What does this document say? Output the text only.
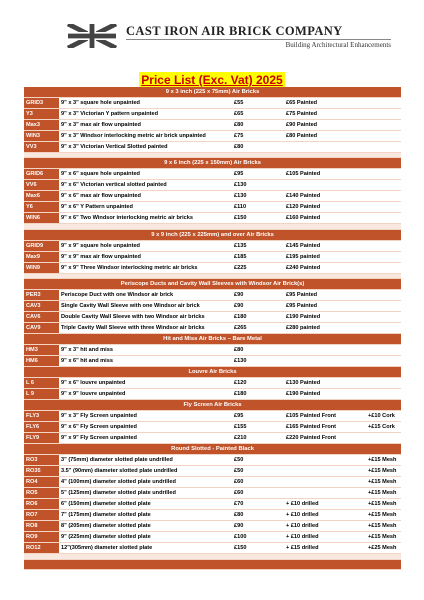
CAST IRON AIR BRICK COMPANY
Building Architectural Enhancements
Price List (Exc. Vat) 2025
9 x 3 inch (225 x 75mm) Air Bricks				
GRID3	9" x 3" square hole unpainted	£55	£65 Painted	
Y3	9" x 3" Victorian Y pattern unpainted	£65	£75 Painted	
Max3	9" x 3" max air flow unpainted	£80	£90 Painted	
WIN3	9" x 3" Windsor interlocking metric air brick unpainted	£75	£80 Painted	
VV3	9" x 3" Victorian Vertical Slotted painted	£80		

9 x 6 inch (225 x 150mm) Air Bricks				
GRID6	9" x 6" square hole unpainted	£95	£105 Painted	
VV6	9" x 6" Victorian vertical slotted painted	£130		
Max6	9" x 6" max air flow unpainted	£130	£140 Painted	
Y6	9" x 6" Y Pattern unpainted	£110	£120 Painted	
WIN6	9" x 6" Two Windsor interlocking metric air bricks	£150	£160 Painted	

9 x 9 inch (225 x 225mm) and over Air Bricks				
GRID9	9" x 9" square hole unpainted	£135	£145 Painted	
Max9	9" x 9" max air flow unpainted	£185	£195 painted	
WIN9	9" x 9" Three Windsor interlocking metric air bricks	£225	£240 Painted	

Periscope Ducts and Cavity Wall Sleeves with Windsor Air Brick(s)				
PER3	Periscope Duct with one Windsor air brick	£90	£95 Painted	
CAV3	Single Cavity Wall Sleeve with one Windsor air brick	£90	£95 Painted	
CAV6	Double Cavity Wall Sleeve with two Windsor air bricks	£180	£190 Painted	
CAV9	Triple Cavity Wall Sleeve with three Windsor air bricks	£265	£280 painted	
Hit and Miss Air Bricks – Bare Metal				
HM3	9" x 3" hit and miss	£80		
HM6	9" x 6" hit and miss	£130		
Louvre Air Bricks				
L 6	9" x 6" louvre unpainted	£120	£130 Painted	
L 9	9" x 9" louvre unpainted	£180	£190 Painted	
Fly Screen Air Bricks				
FLY3	9" x 3" Fly Screen unpainted	£95	£105 Painted Front	+£10 Cork
FLY6	9" x 6" Fly Screen unpainted	£155	£165 Painted Front	+£15 Cork
FLY9	9" x 9" Fly Screen unpainted	£210	£220 Painted Front	
Round Slotted - Painted Black				
RO3	3" (75mm) diameter slotted plate undrilled	£50		+£15 Mesh
RO35	3.5" (90mm) diameter slotted plate undrilled	£50		+£15 Mesh
RO4	4" (100mm) diameter slotted plate undrilled	£60		+£15 Mesh
RO5	5" (125mm) diameter slotted plate undrilled	£60		+£15 Mesh
RO6	6" (150mm) diameter slotted plate	£70	+ £10 drilled	+£15 Mesh
RO7	7" (175mm) diameter slotted plate	£80	+ £10 drilled	+£15 Mesh
RO8	8" (205mm) diameter slotted plate	£90	+ £10 drilled	+£15 Mesh
RO9	9" (225mm) diameter slotted plate	£100	+ £10 drilled	+£15 Mesh
RO12	12"(305mm) diameter slotted plate	£150	+ £15 drilled	+£25 Mesh
